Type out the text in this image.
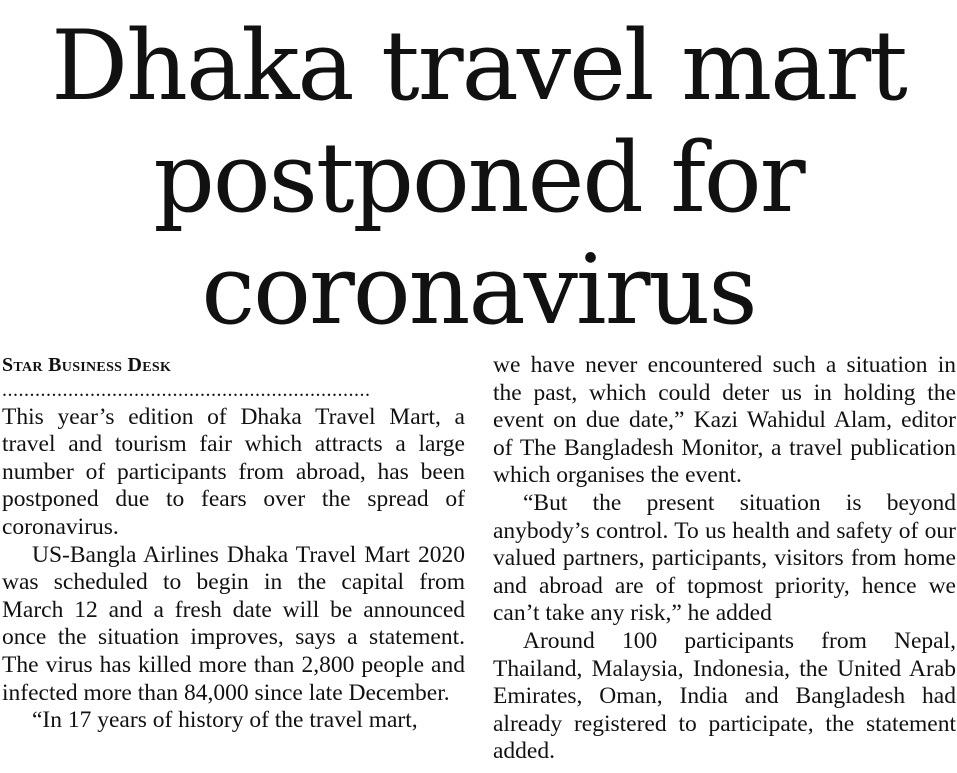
Dhaka travel mart postponed for coronavirus

Star Business Desk

...................................................................

This year’s edition of Dhaka Travel Mart, a travel and tourism fair which attracts a large number of participants from abroad, has been postponed due to fears over the spread of coronavirus.

US-Bangla Airlines Dhaka Travel Mart 2020 was scheduled to begin in the capital from March 12 and a fresh date will be announced once the situation improves, says a statement. The virus has killed more than 2,800 people and infected more than 84,000 since late December.

“In 17 years of history of the travel mart,

we have never encountered such a situation in the past, which could deter us in holding the event on due date,” Kazi Wahidul Alam, editor of The Bangladesh Monitor, a travel publication which organises the event.

“But the present situation is beyond anybody’s control. To us health and safety of our valued partners, participants, visitors from home and abroad are of topmost priority, hence we can’t take any risk,” he added

Around 100 participants from Nepal, Thailand, Malaysia, Indonesia, the United Arab Emirates, Oman, India and Bangladesh had already registered to participate, the statement added.
